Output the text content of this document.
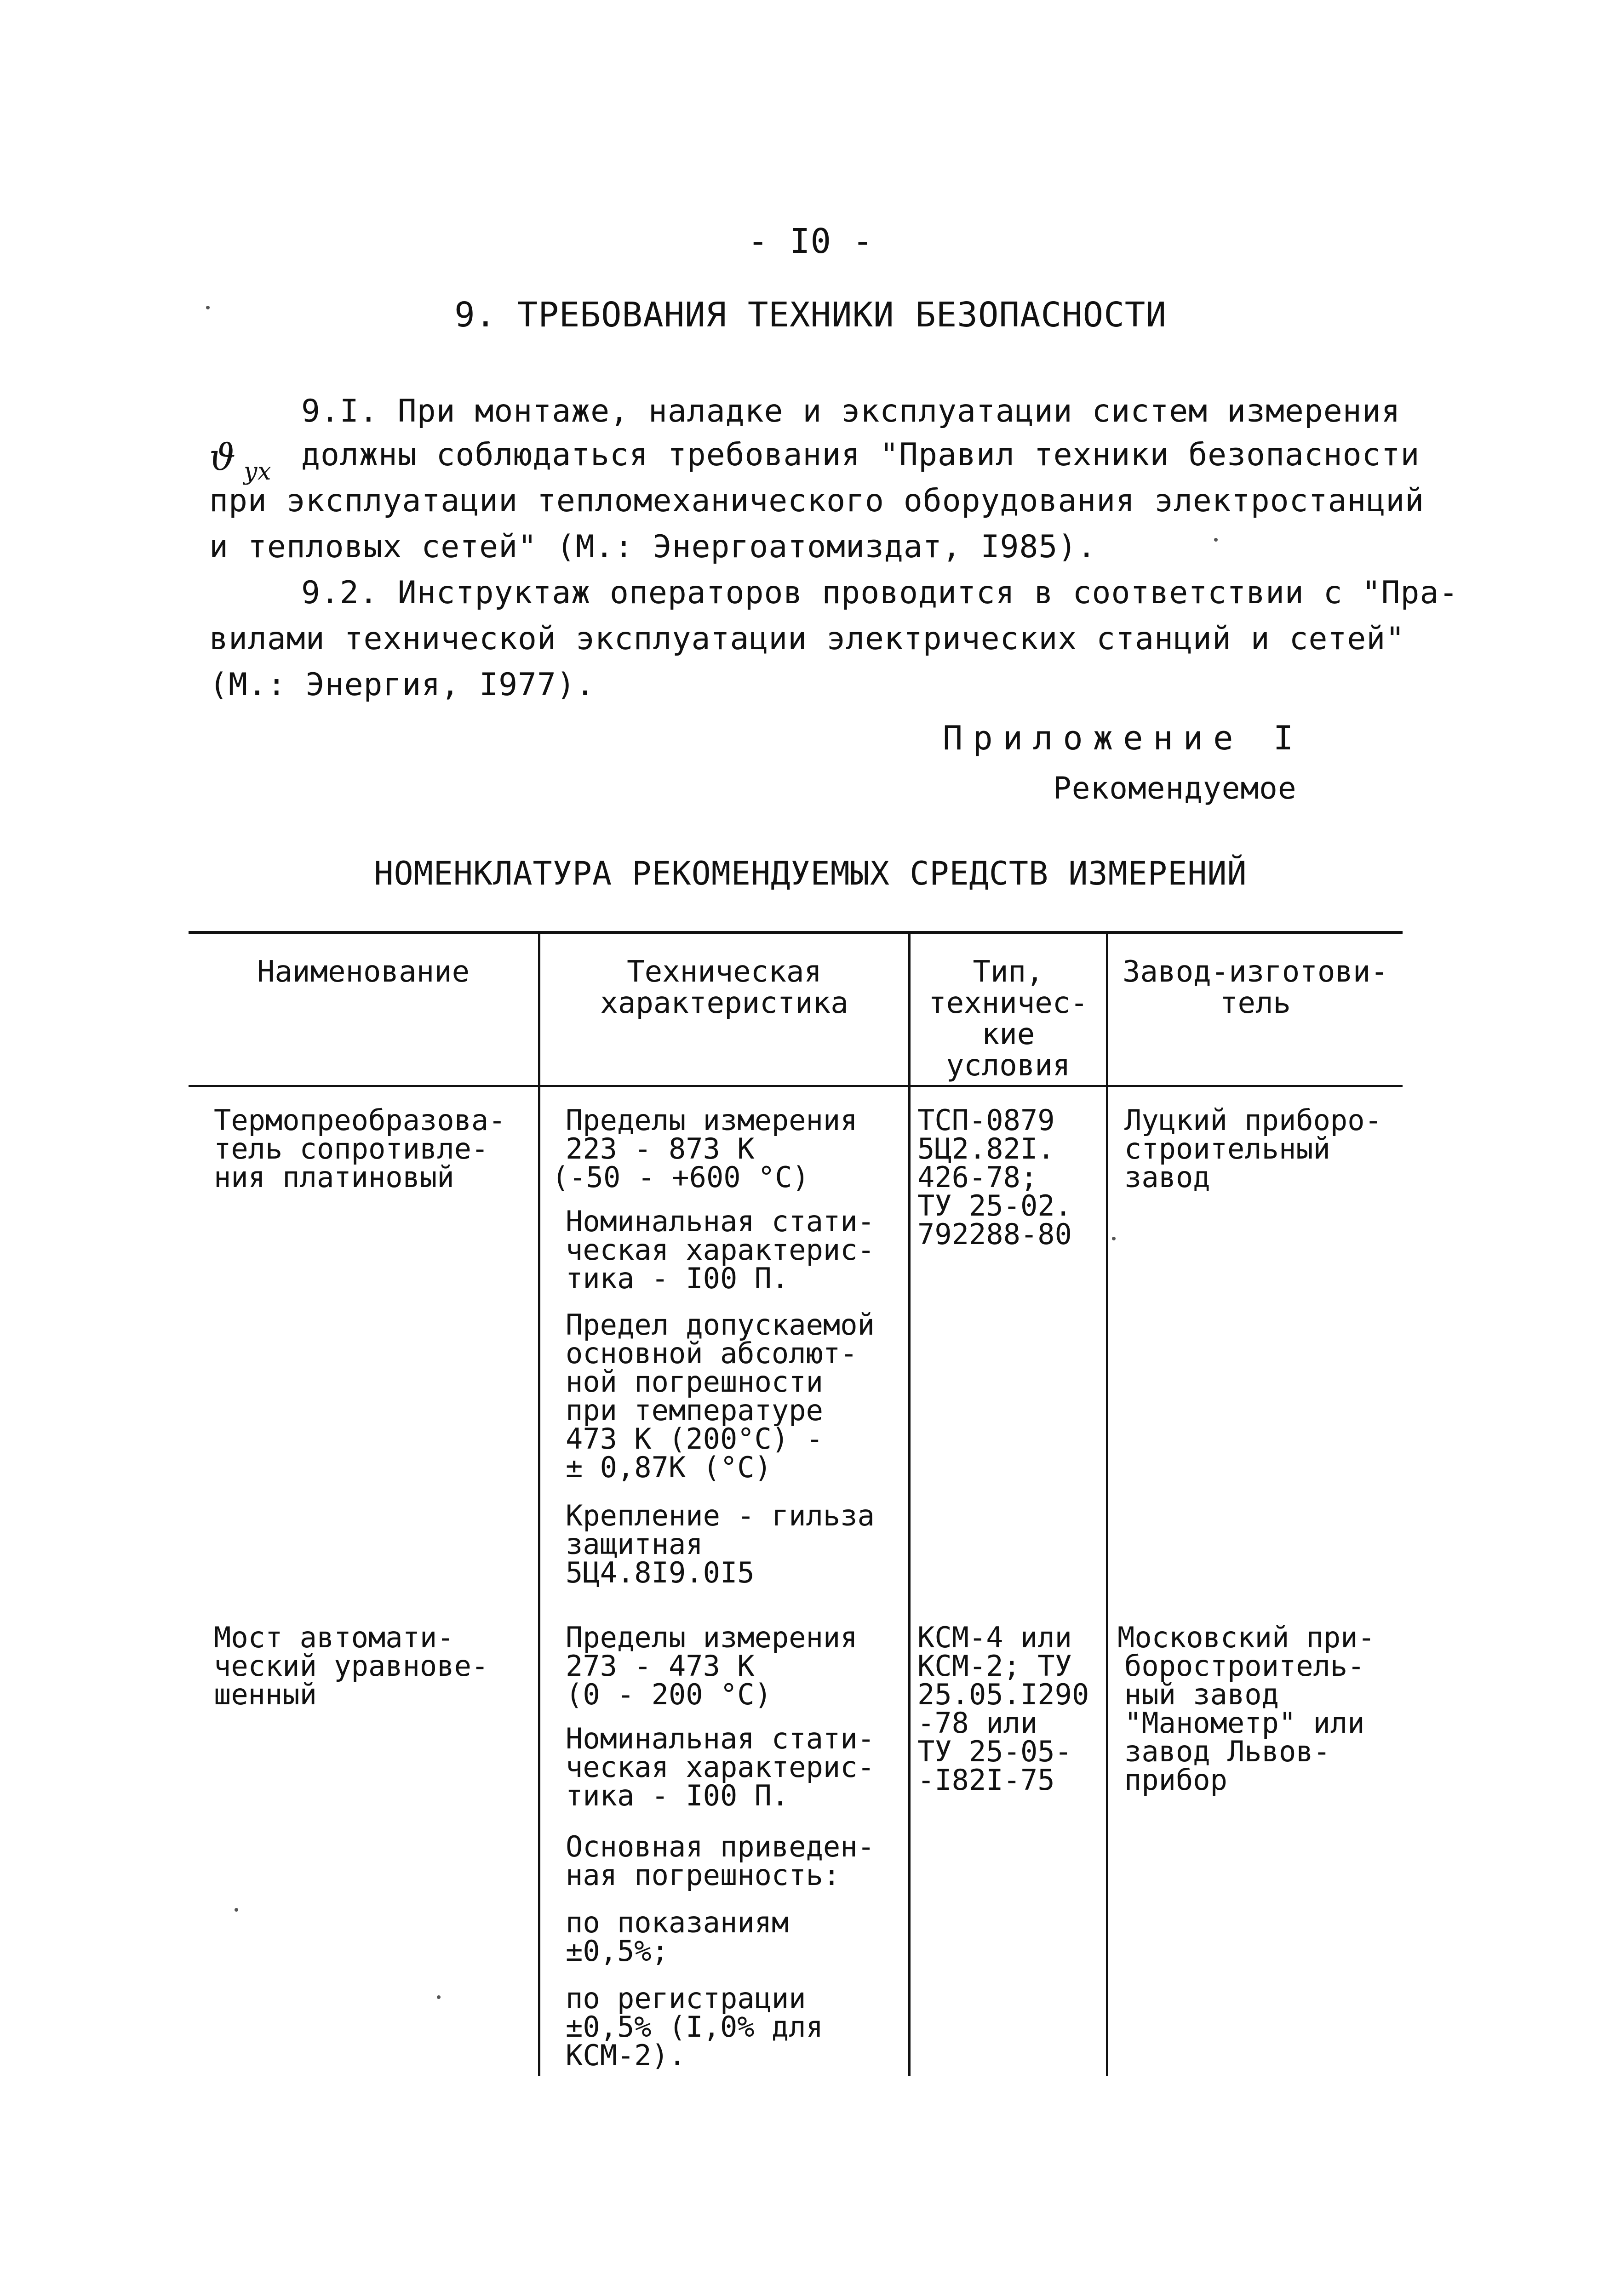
- I0 -
9. ТРЕБОВАНИЯ ТЕХНИКИ БЕЗОПАСНОСТИ
9.I. При монтаже, наладке и эксплуатации систем измерения
ϑ ух должны соблюдаться требования "Правил техники безопасности
при эксплуатации тепломеханического оборудования электростанций
и тепловых сетей" (М.: Энергоатомиздат, I985).
9.2. Инструктаж операторов проводится в соответствии с "Пра-
вилами технической эксплуатации электрических станций и сетей"
(М.: Энергия, I977).
Приложение I
Рекомендуемое
НОМЕНКЛАТУРА РЕКОМЕНДУЕМЫХ СРЕДСТВ ИЗМЕРЕНИЙ
Наименование	Техническая
характеристика
Тип,
техничес-
кие
условия
Завод-изготови-
тель
Термопреобразова-
тель сопротивле-
ния платиновый
Пределы измерения
223 - 873 К
(-50 - +600 °С)
Номинальная стати-
ческая характерис-
тика - I00 П.
Предел допускаемой
основной абсолют-
ной погрешности
при температуре
473 К (200°С) -
± 0,87К (°С)
Крепление - гильза
защитная
5Ц4.8I9.0I5
ТСП-0879
5Ц2.82I.
426-78;
ТУ 25-02.
792288-80
Луцкий приборо-
строительный
завод
Мост автомати-
ческий уравнове-
шенный
Пределы измерения
273 - 473 К
(0 - 200 °С)
Номинальная стати-
ческая характерис-
тика - I00 П.
Основная приведен-
ная погрешность:
по показаниям
±0,5%;
по регистрации
±0,5% (I,0% для
КСМ-2).
КСМ-4 или
КСМ-2; ТУ
25.05.I290
-78 или
ТУ 25-05-
-I82I-75
Московский при-
боростроитель-
ный завод
"Манометр" или
завод Львов-
прибор
